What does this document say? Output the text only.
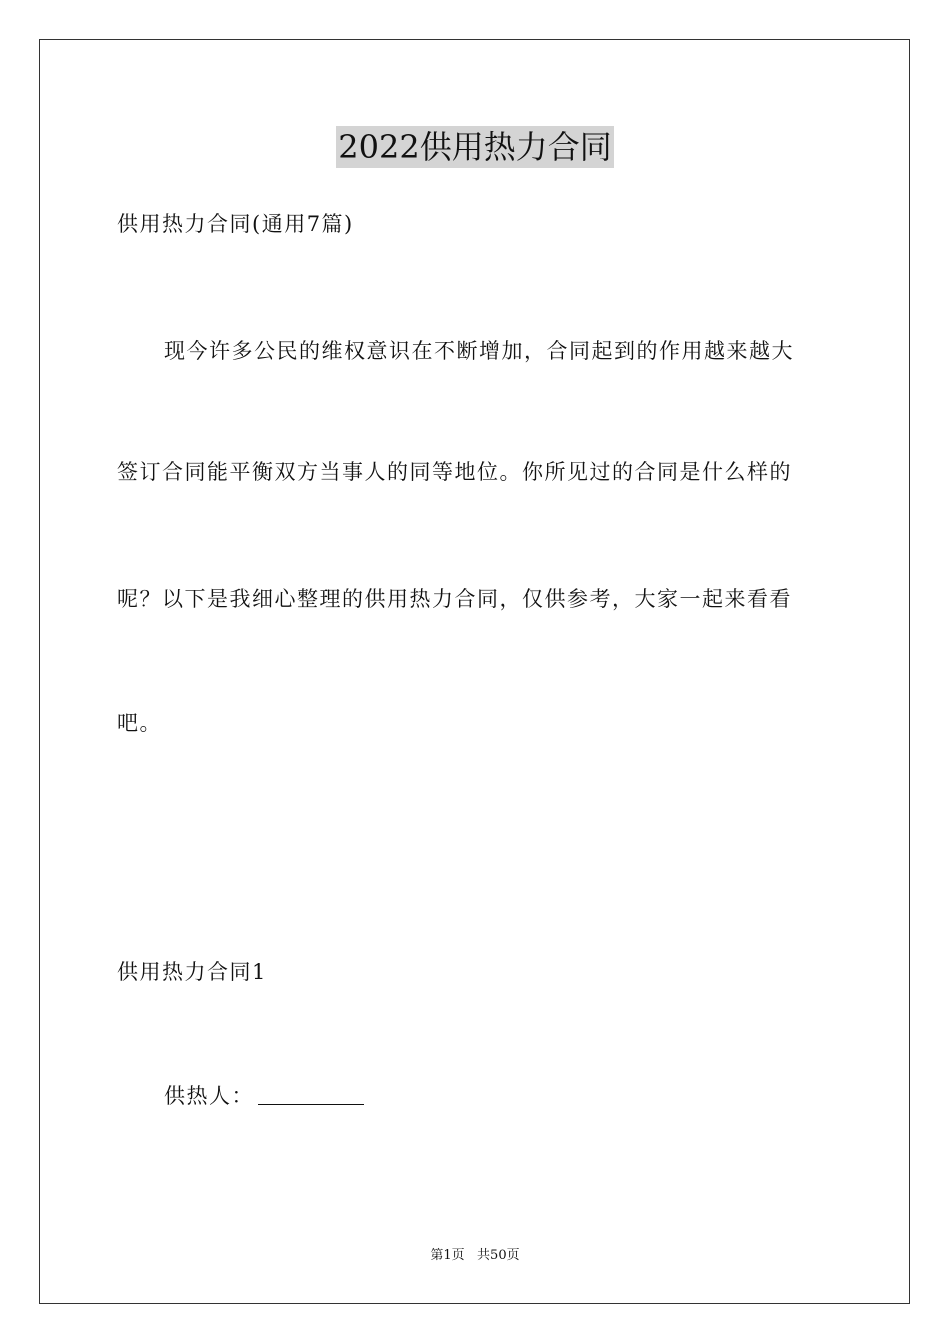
2022供用热力合同
供用热力合同(通用7篇)
现今许多公民的维权意识在不断增加，合同起到的作用越来越大
签订合同能平衡双方当事人的同等地位。你所见过的合同是什么样的
呢？以下是我细心整理的供用热力合同，仅供参考，大家一起来看看
吧。
供用热力合同1
供热人：
第1页   共50页
